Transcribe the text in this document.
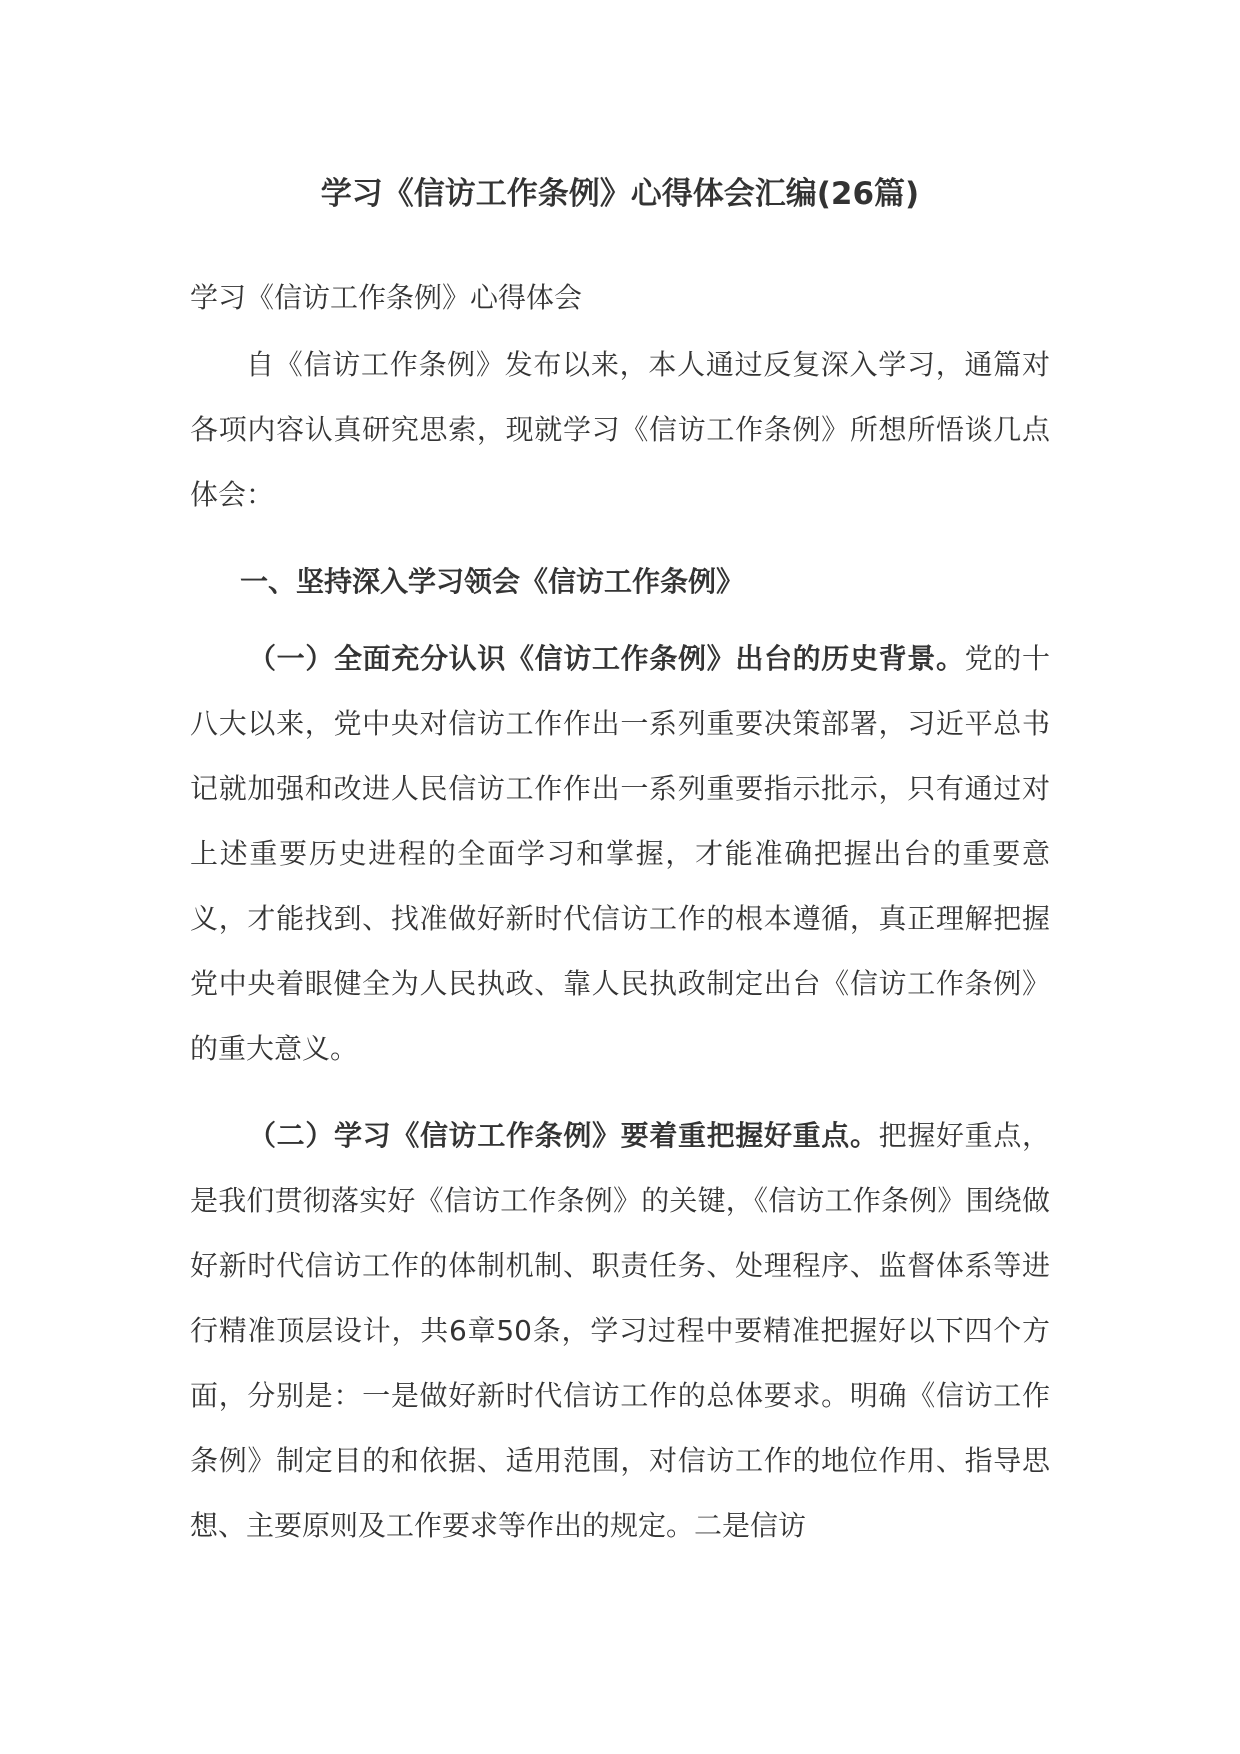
学习《信访工作条例》心得体会汇编(26篇)
学习《信访工作条例》心得体会
自《信访工作条例》发布以来，本人通过反复深入学习，通篇对各项内容认真研究思索，现就学习《信访工作条例》所想所悟谈几点体会：
一、坚持深入学习领会《信访工作条例》
（一）全面充分认识《信访工作条例》出台的历史背景。党的十八大以来，党中央对信访工作作出一系列重要决策部署，习近平总书记就加强和改进人民信访工作作出一系列重要指示批示，只有通过对上述重要历史进程的全面学习和掌握，才能准确把握出台的重要意义，才能找到、找准做好新时代信访工作的根本遵循，真正理解把握党中央着眼健全为人民执政、靠人民执政制定出台《信访工作条例》的重大意义。
（二）学习《信访工作条例》要着重把握好重点。把握好重点，是我们贯彻落实好《信访工作条例》的关键，《信访工作条例》围绕做好新时代信访工作的体制机制、职责任务、处理程序、监督体系等进行精准顶层设计，共6章50条，学习过程中要精准把握好以下四个方面，分别是：一是做好新时代信访工作的总体要求。明确《信访工作条例》制定目的和依据、适用范围，对信访工作的地位作用、指导思想、主要原则及工作要求等作出的规定。二是信访
